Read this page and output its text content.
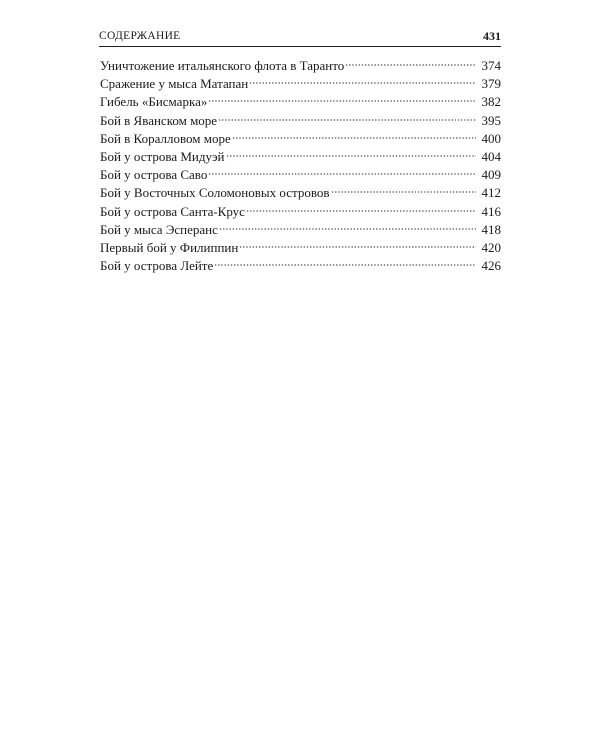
СОДЕРЖАНИЕ	431
Уничтожение итальянского флота в Таранто	374
Сражение у мыса Матапан	379
Гибель «Бисмарка»	382
Бой в Яванском море	395
Бой в Коралловом море	400
Бой у острова Мидуэй	404
Бой у острова Саво	409
Бой у Восточных Соломоновых островов	412
Бой у острова Санта-Крус	416
Бой у мыса Эсперанс	418
Первый бой у Филиппин	420
Бой у острова Лейте	426
